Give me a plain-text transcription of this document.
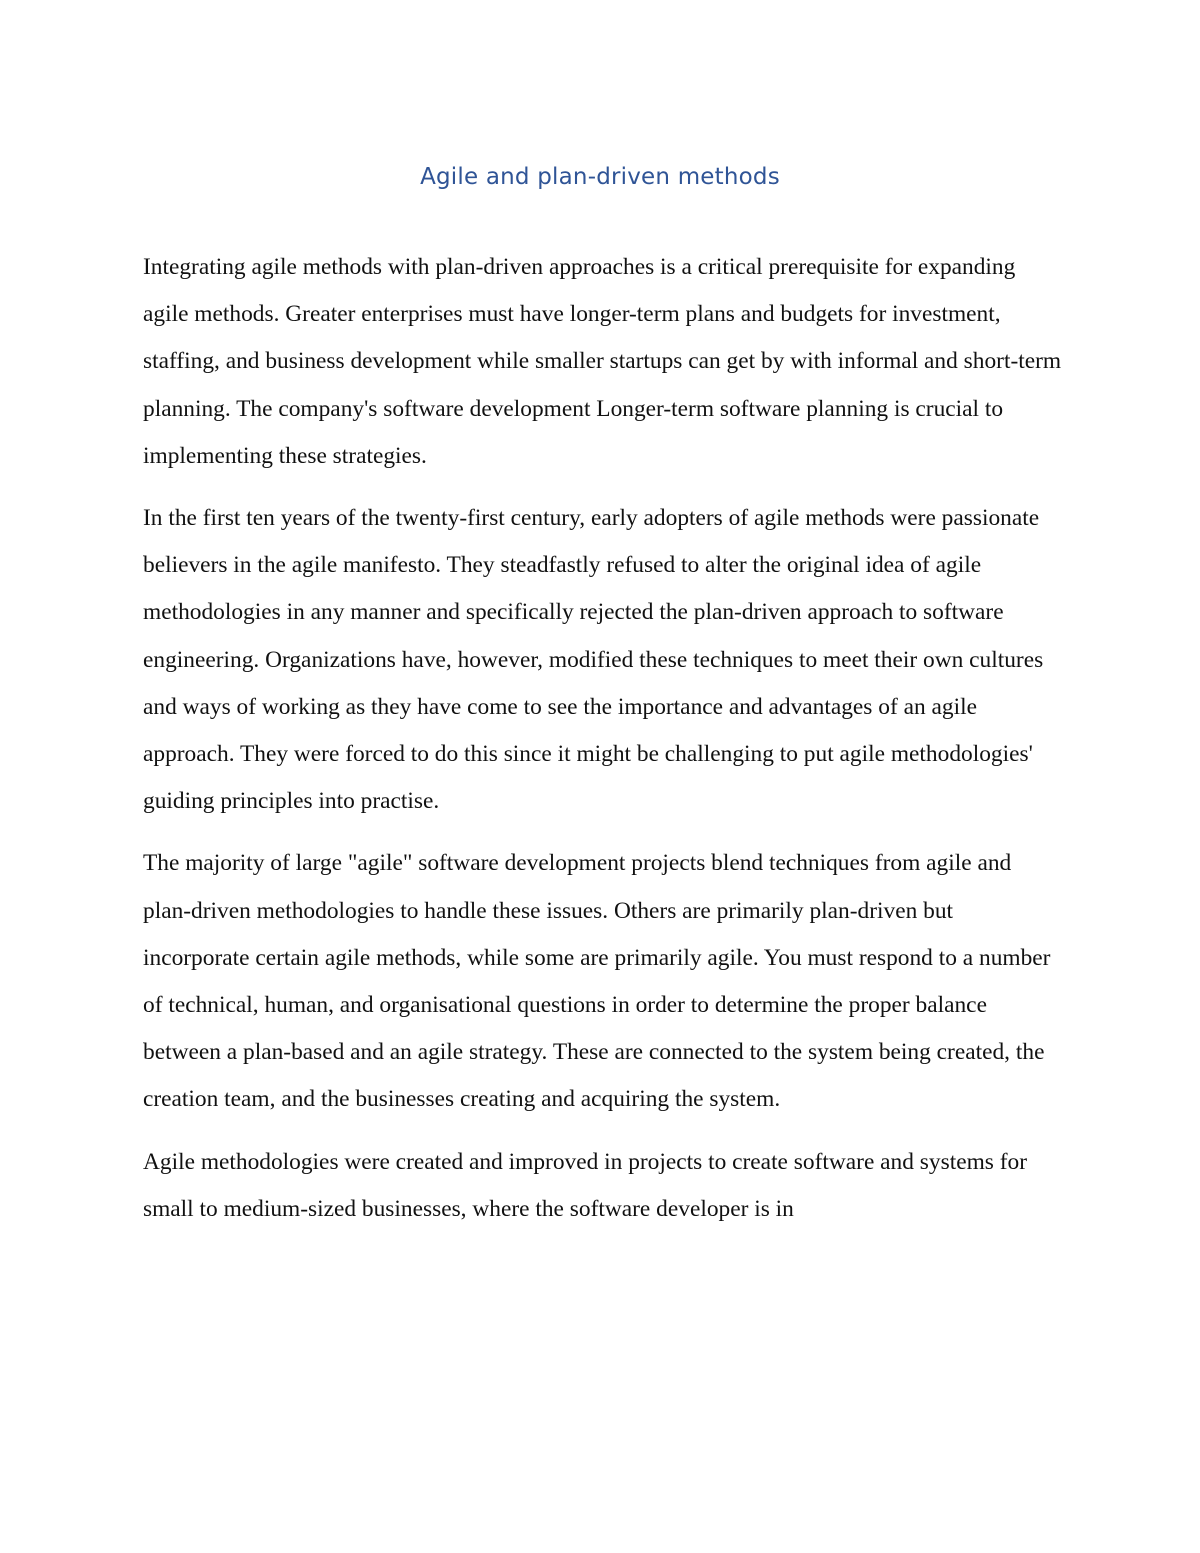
Agile and plan-driven methods

Integrating agile methods with plan-driven approaches is a critical prerequisite for expanding agile methods. Greater enterprises must have longer-term plans and budgets for investment, staffing, and business development while smaller startups can get by with informal and short-term planning. The company's software development Longer-term software planning is crucial to implementing these strategies.

In the first ten years of the twenty-first century, early adopters of agile methods were passionate believers in the agile manifesto. They steadfastly refused to alter the original idea of agile methodologies in any manner and specifically rejected the plan-driven approach to software engineering. Organizations have, however, modified these techniques to meet their own cultures and ways of working as they have come to see the importance and advantages of an agile approach. They were forced to do this since it might be challenging to put agile methodologies' guiding principles into practise.

The majority of large "agile" software development projects blend techniques from agile and plan-driven methodologies to handle these issues. Others are primarily plan-driven but incorporate certain agile methods, while some are primarily agile. You must respond to a number of technical, human, and organisational questions in order to determine the proper balance between a plan-based and an agile strategy. These are connected to the system being created, the creation team, and the businesses creating and acquiring the system.

Agile methodologies were created and improved in projects to create software and systems for small to medium-sized businesses, where the software developer is in
